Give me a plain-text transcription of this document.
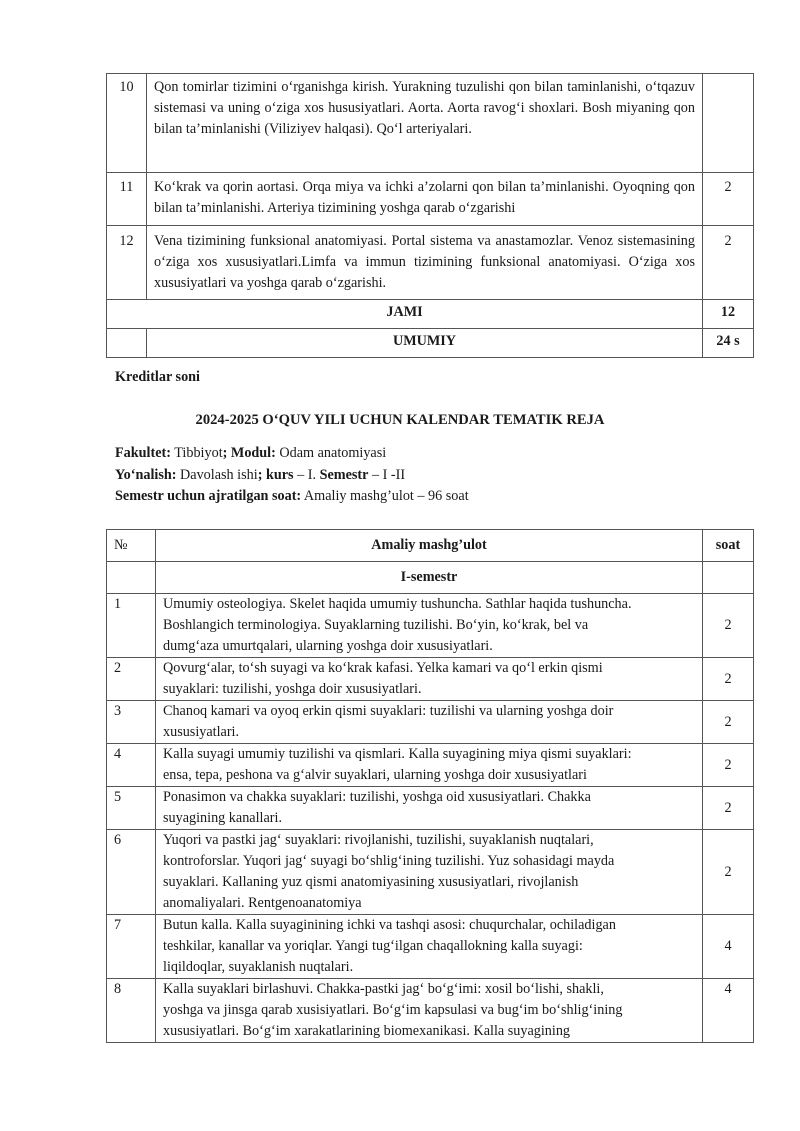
10	Qon tomirlar tizimini o‘rganishga kirish. Yurakning tuzulishi qon bilan taminlanishi, o‘tqazuv sistemasi va uning o‘ziga xos hususiyatlari. Aorta. Aorta ravog‘i shoxlari. Bosh miyaning qon bilan ta’minlanishi (Viliziyev halqasi). Qo‘l arteriyalari.	
11	Ko‘krak va qorin aortasi. Orqa miya va ichki a’zolarni qon bilan ta’minlanishi. Oyoqning qon bilan ta’minlanishi. Arteriya tizimining yoshga qarab o‘zgarishi	2
12	Vena tizimining funksional anatomiyasi. Portal sistema va anastamozlar. Venoz sistemasining o‘ziga xos xususiyatlari.Limfa va immun tizimining funksional anatomiyasi. O‘ziga xos xususiyatlari va yoshga qarab o‘zgarishi.	2
JAMI		12
	UMUMIY	24 s
Kreditlar soni
2024-2025 O‘QUV YILI UCHUN KALENDAR TEMATIK REJA
Fakultet: Tibbiyot; Modul: Odam anatomiyasi
Yo‘nalish: Davolash ishi; kurs – I. Semestr – I -II
Semestr uchun ajratilgan soat: Amaliy mashg’ulot – 96 soat
№	Amaliy mashg’ulot	soat
	I-semestr	
1	Umumiy osteologiya. Skelet haqida umumiy tushuncha. Sathlar haqida tushuncha.
Boshlangich terminologiya. Suyaklarning tuzilishi. Bo‘yin, ko‘krak, bel va
dumg‘aza umurtqalari, ularning yoshga doir xususiyatlari.	2
2	Qovurg‘alar, to‘sh suyagi va ko‘krak kafasi. Yelka kamari va qo‘l erkin qismi
suyaklari: tuzilishi, yoshga doir xususiyatlari.	2
3	Chanoq kamari va oyoq erkin qismi suyaklari: tuzilishi va ularning yoshga doir
xususiyatlari.	2
4	Kalla suyagi umumiy tuzilishi va qismlari. Kalla suyagining miya qismi suyaklari:
ensa, tepa, peshona va g‘alvir suyaklari, ularning yoshga doir xususiyatlari	2
5	Ponasimon va chakka suyaklari: tuzilishi, yoshga oid xususiyatlari. Chakka
suyagining kanallari.	2
6	Yuqori va pastki jag‘ suyaklari: rivojlanishi, tuzilishi, suyaklanish nuqtalari,
kontroforslar. Yuqori jag‘ suyagi bo‘shlig‘ining tuzilishi. Yuz sohasidagi mayda
suyaklari. Kallaning yuz qismi anatomiyasining xususiyatlari, rivojlanish
anomaliyalari. Rentgenoanatomiya	2
7	Butun kalla. Kalla suyaginining ichki va tashqi asosi: chuqurchalar, ochiladigan
teshkilar, kanallar va yoriqlar. Yangi tug‘ilgan chaqallokning kalla suyagi:
liqildoqlar, suyaklanish nuqtalari.	4
8	Kalla suyaklari birlashuvi. Chakka-pastki jag‘ bo‘g‘imi: xosil bo‘lishi, shakli,
yoshga va jinsga qarab xusisiyatlari. Bo‘g‘im kapsulasi va bug‘im bo‘shlig‘ining
xususiyatlari. Bo‘g‘im xarakatlarining biomexanikasi. Kalla suyagining	4
